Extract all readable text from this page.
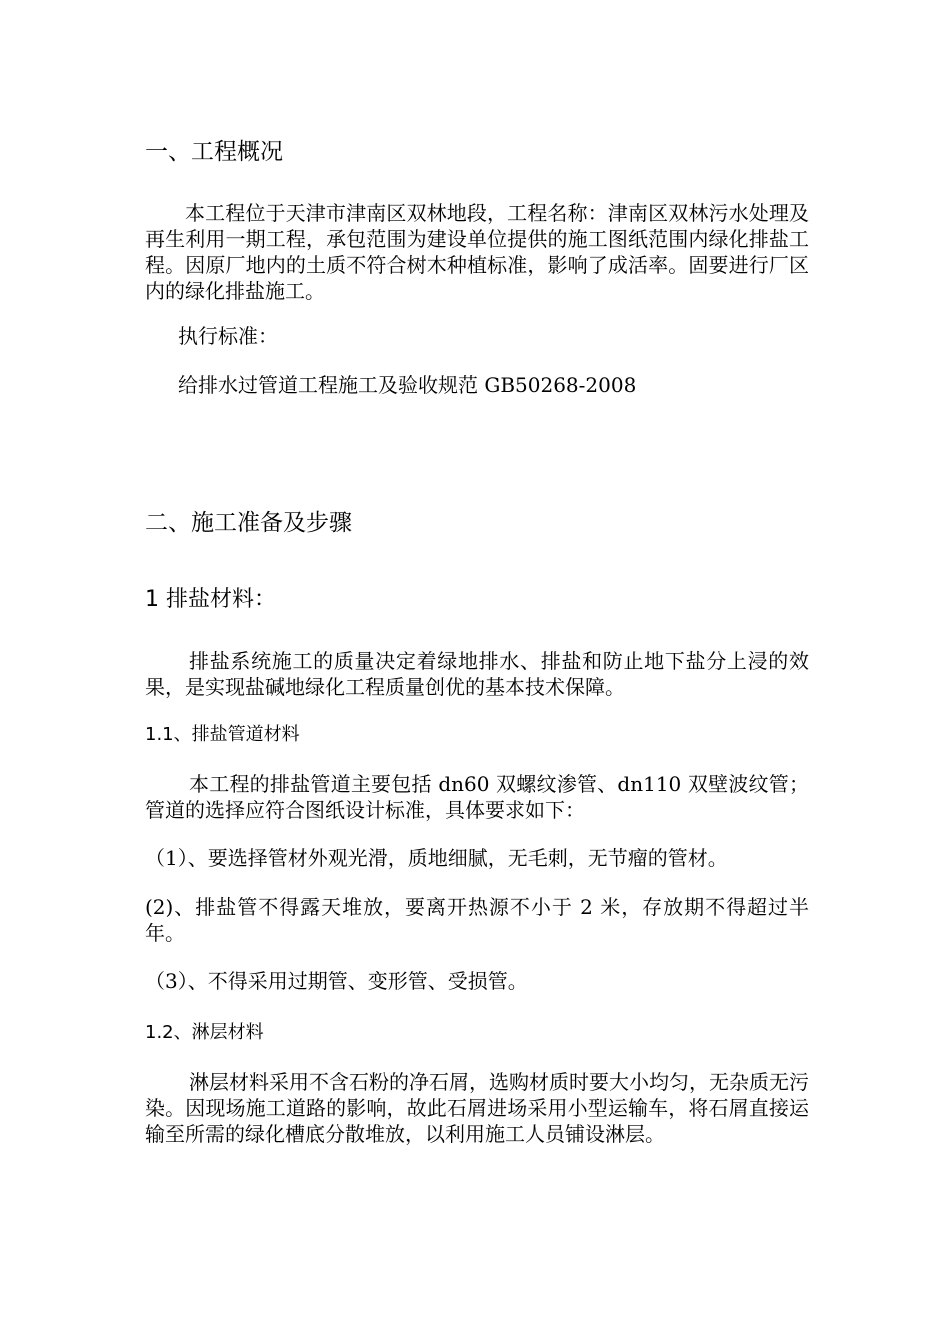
一、工程概况

本工程位于天津市津南区双林地段，工程名称：津南区双林污水处理及再生利用一期工程，承包范围为建设单位提供的施工图纸范围内绿化排盐工程。因原厂地内的土质不符合树木种植标准，影响了成活率。固要进行厂区内的绿化排盐施工。

执行标准：
给排水过管道工程施工及验收规范 GB50268-2008
二、施工准备及步骤
1 排盐材料：

排盐系统施工的质量决定着绿地排水、排盐和防止地下盐分上浸的效果，是实现盐碱地绿化工程质量创优的基本技术保障。

1.1、排盐管道材料

本工程的排盐管道主要包括 dn60 双螺纹渗管、dn110 双壁波纹管；管道的选择应符合图纸设计标准，具体要求如下：

（1）、要选择管材外观光滑，质地细腻，无毛刺，无节瘤的管材。

(2)、排盐管不得露天堆放，要离开热源不小于 2 米，存放期不得超过半年。

（3）、不得采用过期管、变形管、受损管。

1.2、淋层材料

淋层材料采用不含石粉的净石屑，选购材质时要大小均匀，无杂质无污染。因现场施工道路的影响，故此石屑进场采用小型运输车，将石屑直接运输至所需的绿化槽底分散堆放，以利用施工人员铺设淋层。
